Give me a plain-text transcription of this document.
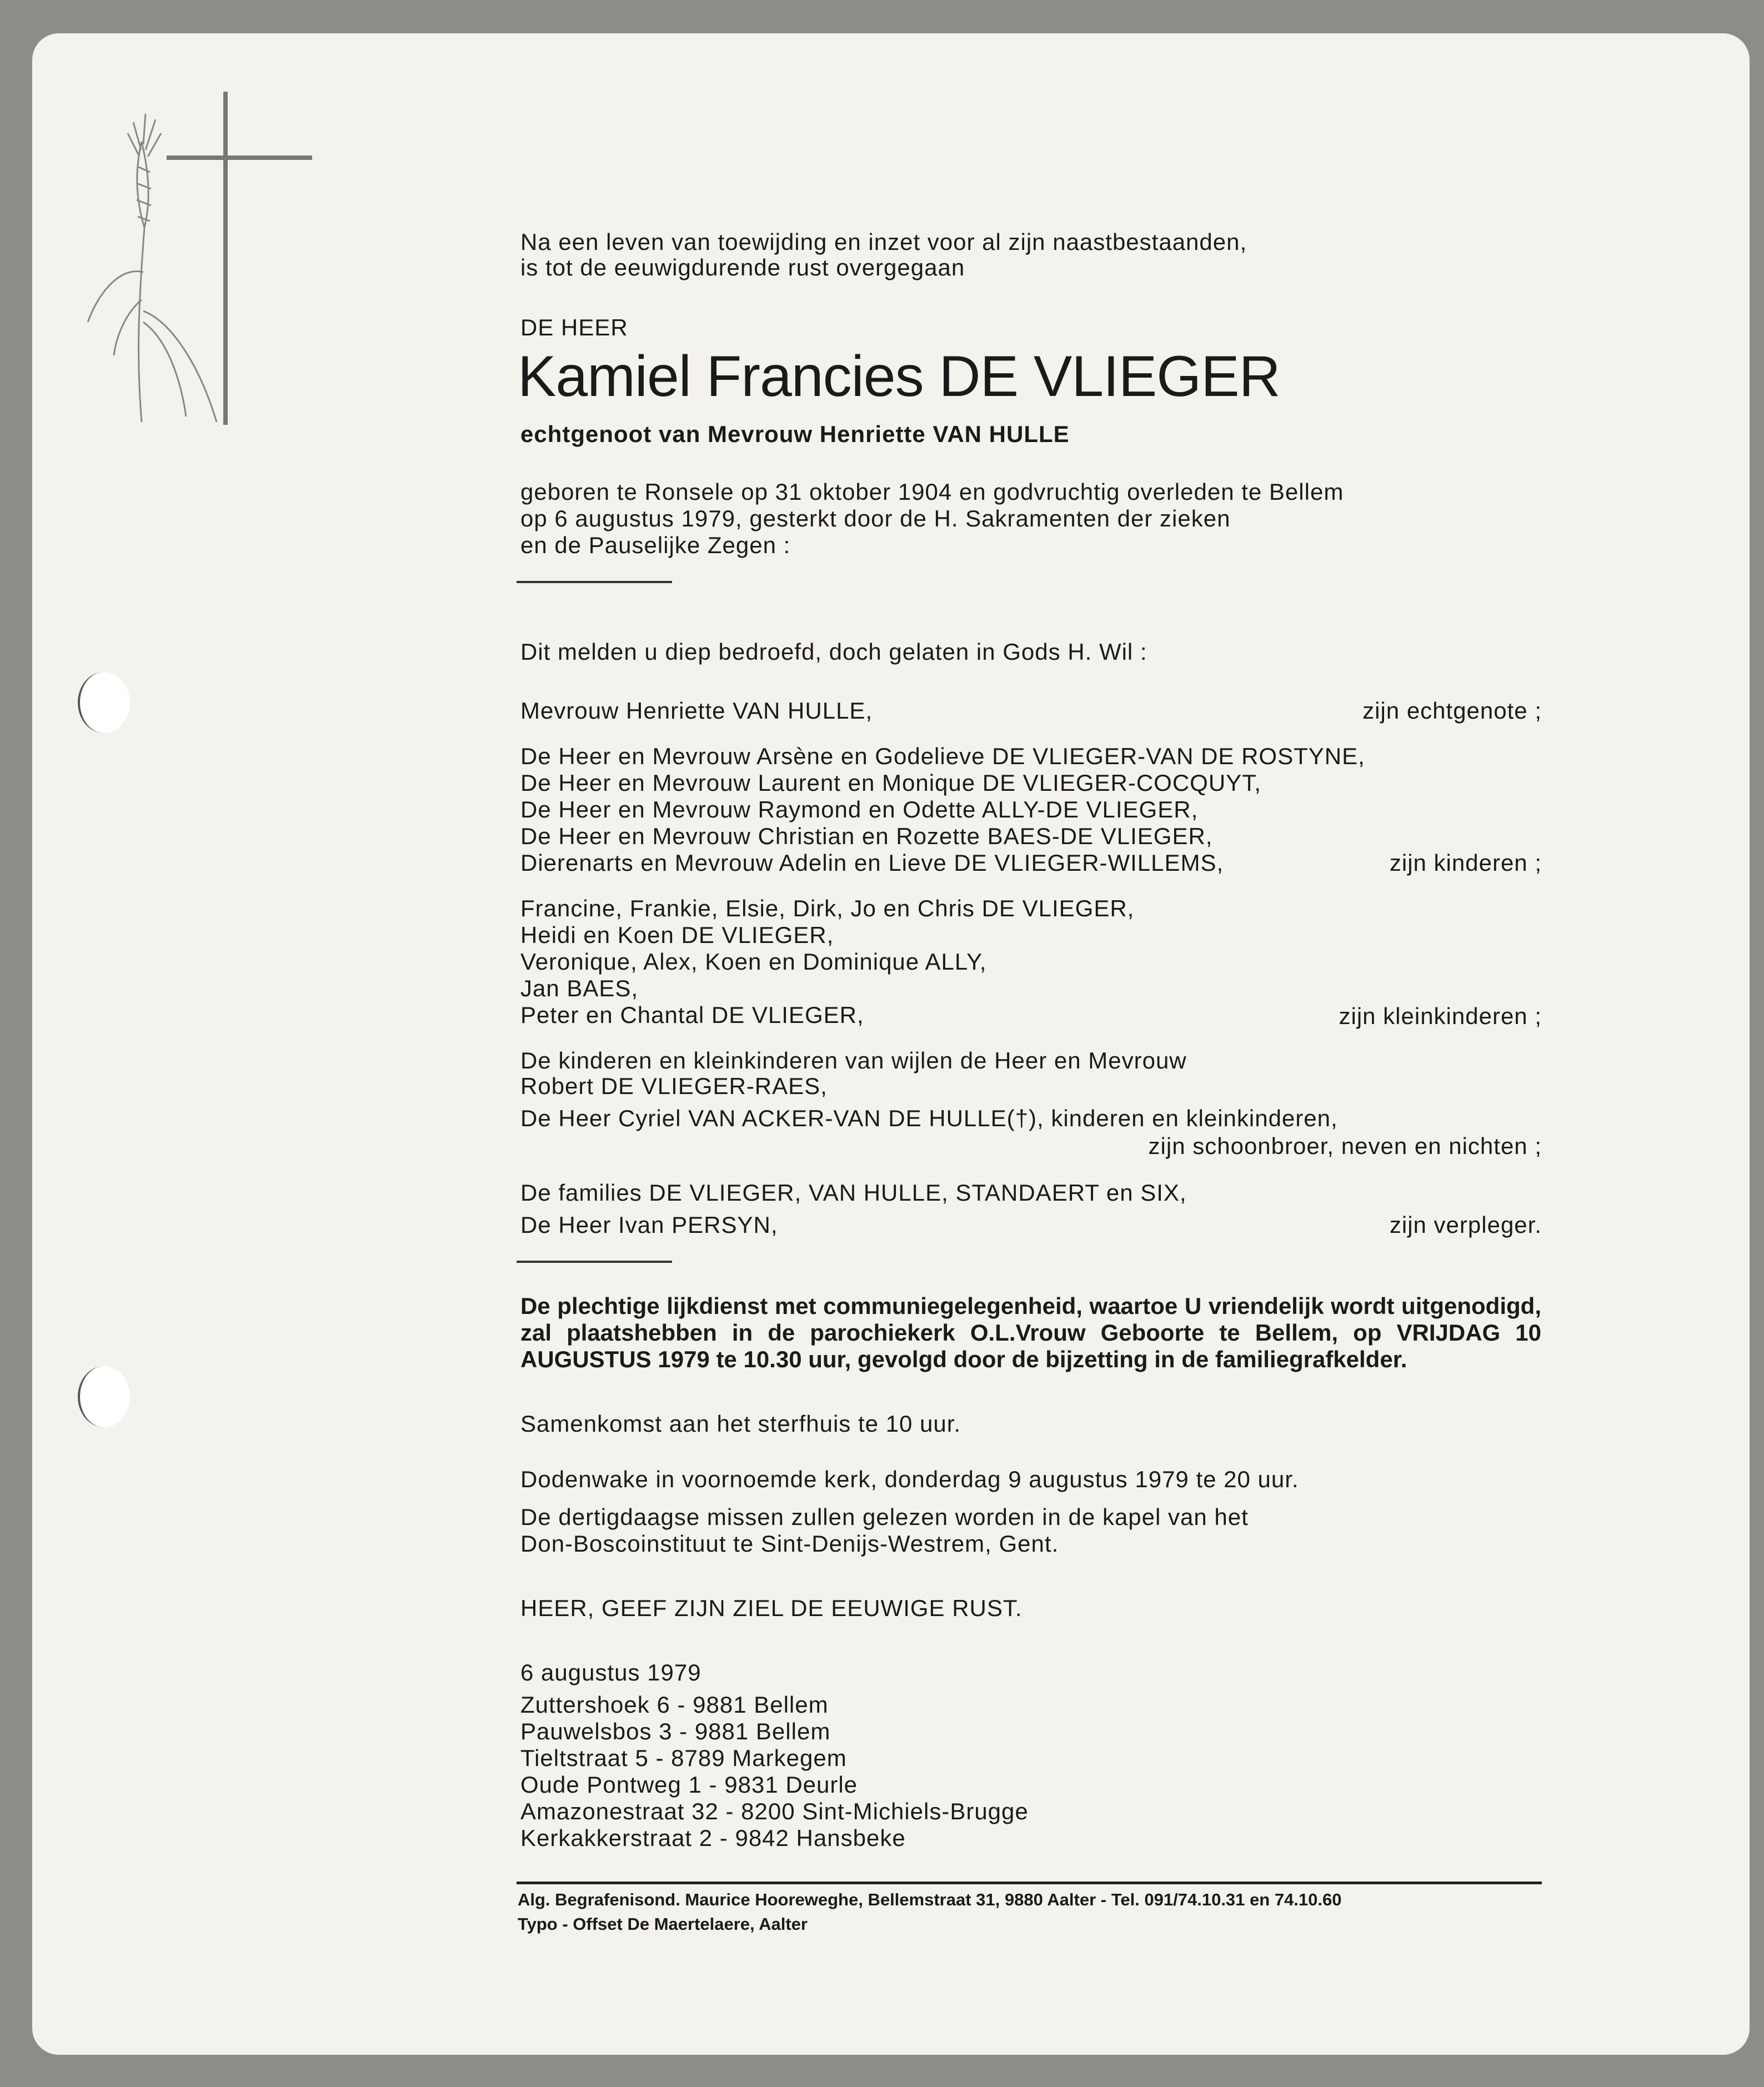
Na een leven van toewijding en inzet voor al zijn naastbestaanden,
is tot de eeuwigdurende rust overgegaan
DE HEER
Kamiel Francies DE VLIEGER
echtgenoot van Mevrouw Henriette VAN HULLE
geboren te Ronsele op 31 oktober 1904 en godvruchtig overleden te Bellem
op 6 augustus 1979, gesterkt door de H. Sakramenten der zieken
en de Pauselijke Zegen :
Dit melden u diep bedroefd, doch gelaten in Gods H. Wil :
Mevrouw Henriette VAN HULLE,	zijn echtgenote ;
De Heer en Mevrouw Arsène en Godelieve DE VLIEGER-VAN DE ROSTYNE,
De Heer en Mevrouw Laurent en Monique DE VLIEGER-COCQUYT,
De Heer en Mevrouw Raymond en Odette ALLY-DE VLIEGER,
De Heer en Mevrouw Christian en Rozette BAES-DE VLIEGER,
Dierenarts en Mevrouw Adelin en Lieve DE VLIEGER-WILLEMS,	zijn kinderen ;
Francine, Frankie, Elsie, Dirk, Jo en Chris DE VLIEGER,
Heidi en Koen DE VLIEGER,
Veronique, Alex, Koen en Dominique ALLY,
Jan BAES,
Peter en Chantal DE VLIEGER,	zijn kleinkinderen ;
De kinderen en kleinkinderen van wijlen de Heer en Mevrouw
Robert DE VLIEGER-RAES,
De Heer Cyriel VAN ACKER-VAN DE HULLE(†), kinderen en kleinkinderen,
zijn schoonbroer, neven en nichten ;
De families DE VLIEGER, VAN HULLE, STANDAERT en SIX,
De Heer Ivan PERSYN,	zijn verpleger.
De plechtige lijkdienst met communiegelegenheid, waartoe U vriendelijk wordt uitgenodigd, zal plaatshebben in de parochiekerk O.L.Vrouw Geboorte te Bellem, op VRIJDAG 10 AUGUSTUS 1979 te 10.30 uur, gevolgd door de bijzetting in de familiegrafkelder.
Samenkomst aan het sterfhuis te 10 uur.
Dodenwake in voornoemde kerk, donderdag 9 augustus 1979 te 20 uur.
De dertigdaagse missen zullen gelezen worden in de kapel van het
Don-Boscoinstituut te Sint-Denijs-Westrem, Gent.
HEER, GEEF ZIJN ZIEL DE EEUWIGE RUST.
6 augustus 1979
Zuttershoek 6 - 9881 Bellem
Pauwelsbos 3 - 9881 Bellem
Tieltstraat 5 - 8789 Markegem
Oude Pontweg 1 - 9831 Deurle
Amazonestraat 32 - 8200 Sint-Michiels-Brugge
Kerkakkerstraat 2 - 9842 Hansbeke
Alg. Begrafenisond. Maurice Hooreweghe, Bellemstraat 31, 9880 Aalter - Tel. 091/74.10.31 en 74.10.60
Typo - Offset De Maertelaere, Aalter
